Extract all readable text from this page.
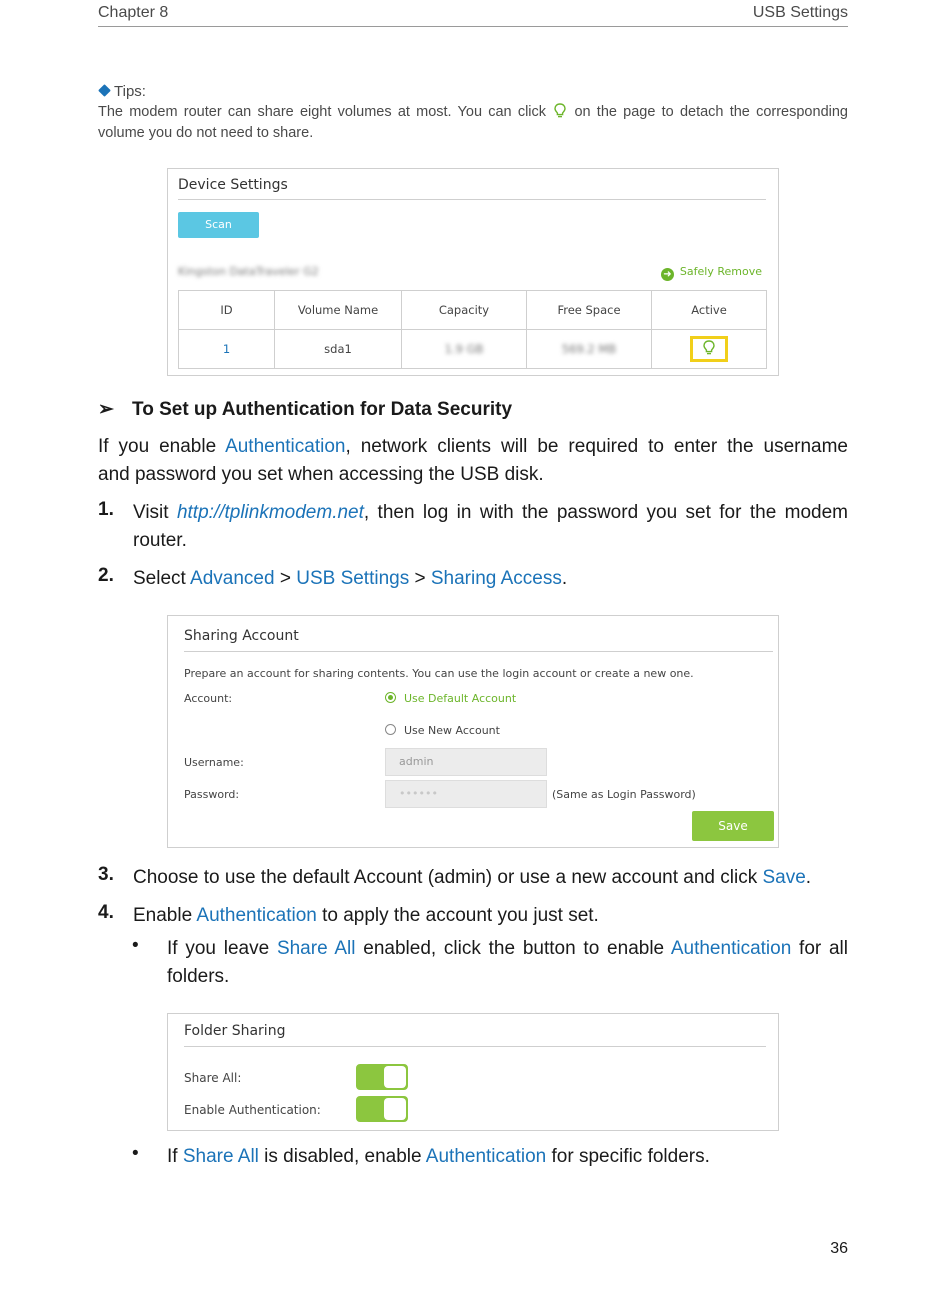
Chapter 8	USB Settings
Tips:
The modem router can share eight volumes at most. You can click on the page to detach the corresponding volume you do not need to share.
Device Settings
Scan
Kingston DataTraveler G2	➜ Safely Remove
ID	Volume Name	Capacity	Free Space	Active
1	sda1	1.9 GB	569.2 MB	
➢ To Set up Authentication for Data Security
If you enable Authentication, network clients will be required to enter the username
and password you set when accessing the USB disk.
1. Visit http://tplinkmodem.net, then log in with the password you set for the modem
router.
2. Select Advanced > USB Settings > Sharing Access.
Sharing Account
Prepare an account for sharing contents. You can use the login account or create a new one.
Account:	Use Default Account
Use New Account
Username:	admin
Password:	••••••	(Same as Login Password)
Save
3. Choose to use the default Account (admin) or use a new account and click Save.
4. Enable Authentication to apply the account you just set.
• If you leave Share All enabled, click the button to enable Authentication for all
folders.
Folder Sharing
Share All:
Enable Authentication:
• If Share All is disabled, enable Authentication for specific folders.
36
